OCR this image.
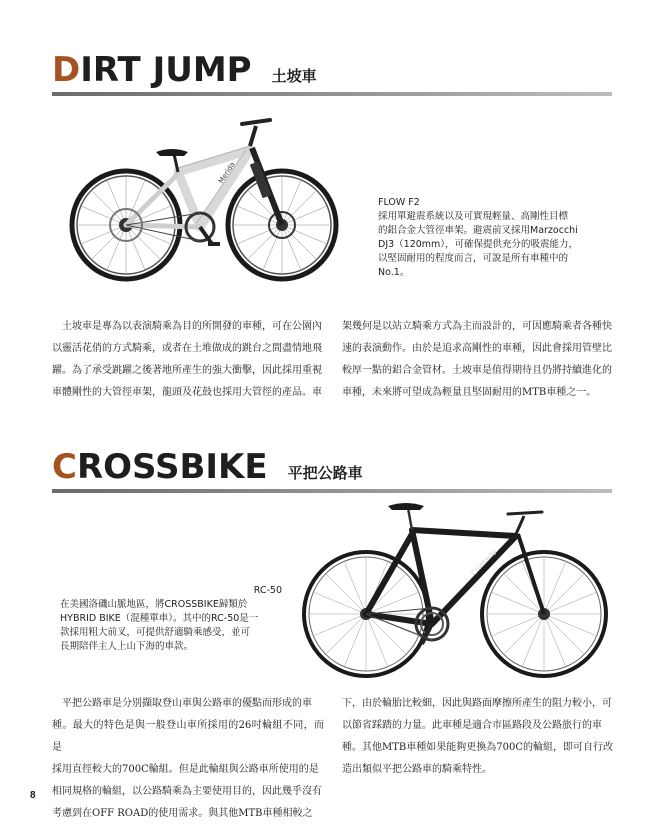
DIRT JUMP 土坡車
Merida
FLOW F2
採用單避震系統以及可實現輕量、高剛性目標
的鋁合金大管徑車架。避震前叉採用Marzocchi
DJ3（120mm），可確保提供充分的吸震能力，
以堅固耐用的程度而言，可說是所有車種中的
No.1。
　土坡車是專為以表演騎乘為目的所開發的車種，可在公園內
以靈活花俏的方式騎乘，或者在土堆做成的跳台之間盡情地飛
躍。為了承受跳躍之後著地所產生的強大衝擊，因此採用重視
車體剛性的大管徑車架，龍頭及花鼓也採用大管徑的產品。車
架幾何是以站立騎乘方式為主而設計的，可因應騎乘者各種快
速的表演動作。由於是追求高剛性的車種，因此會採用管壁比
較厚一點的鋁合金管材。土坡車是值得期待且仍將持續進化的
車種，未來將可望成為輕量且堅固耐用的MTB車種之一。
CROSSBIKE 平把公路車
Crossway
RC-50
在美國洛磯山脈地區，將CROSSBIKE歸類於
HYBRID BIKE（混種單車）。其中的RC-50是一
款採用粗大前叉，可提供舒適騎乘感受，並可
長期陪伴主人上山下海的車款。
　平把公路車是分別擷取登山車與公路車的優點而形成的車
種。最大的特色是與一般登山車所採用的26吋輪組不同，而是
採用直徑較大的700C輪組。但是此輪組與公路車所使用的是
相同規格的輪組，以公路騎乘為主要使用目的，因此幾乎沒有
考慮到在OFF ROAD的使用需求。與其他MTB車種相較之
下，由於輪胎比較細，因此與路面摩擦所產生的阻力較小，可
以節省踩踏的力量。此車種是適合市區路段及公路旅行的車
種。其他MTB車種如果能夠更換為700C的輪組，即可自行改
造出類似平把公路車的騎乘特性。
8
